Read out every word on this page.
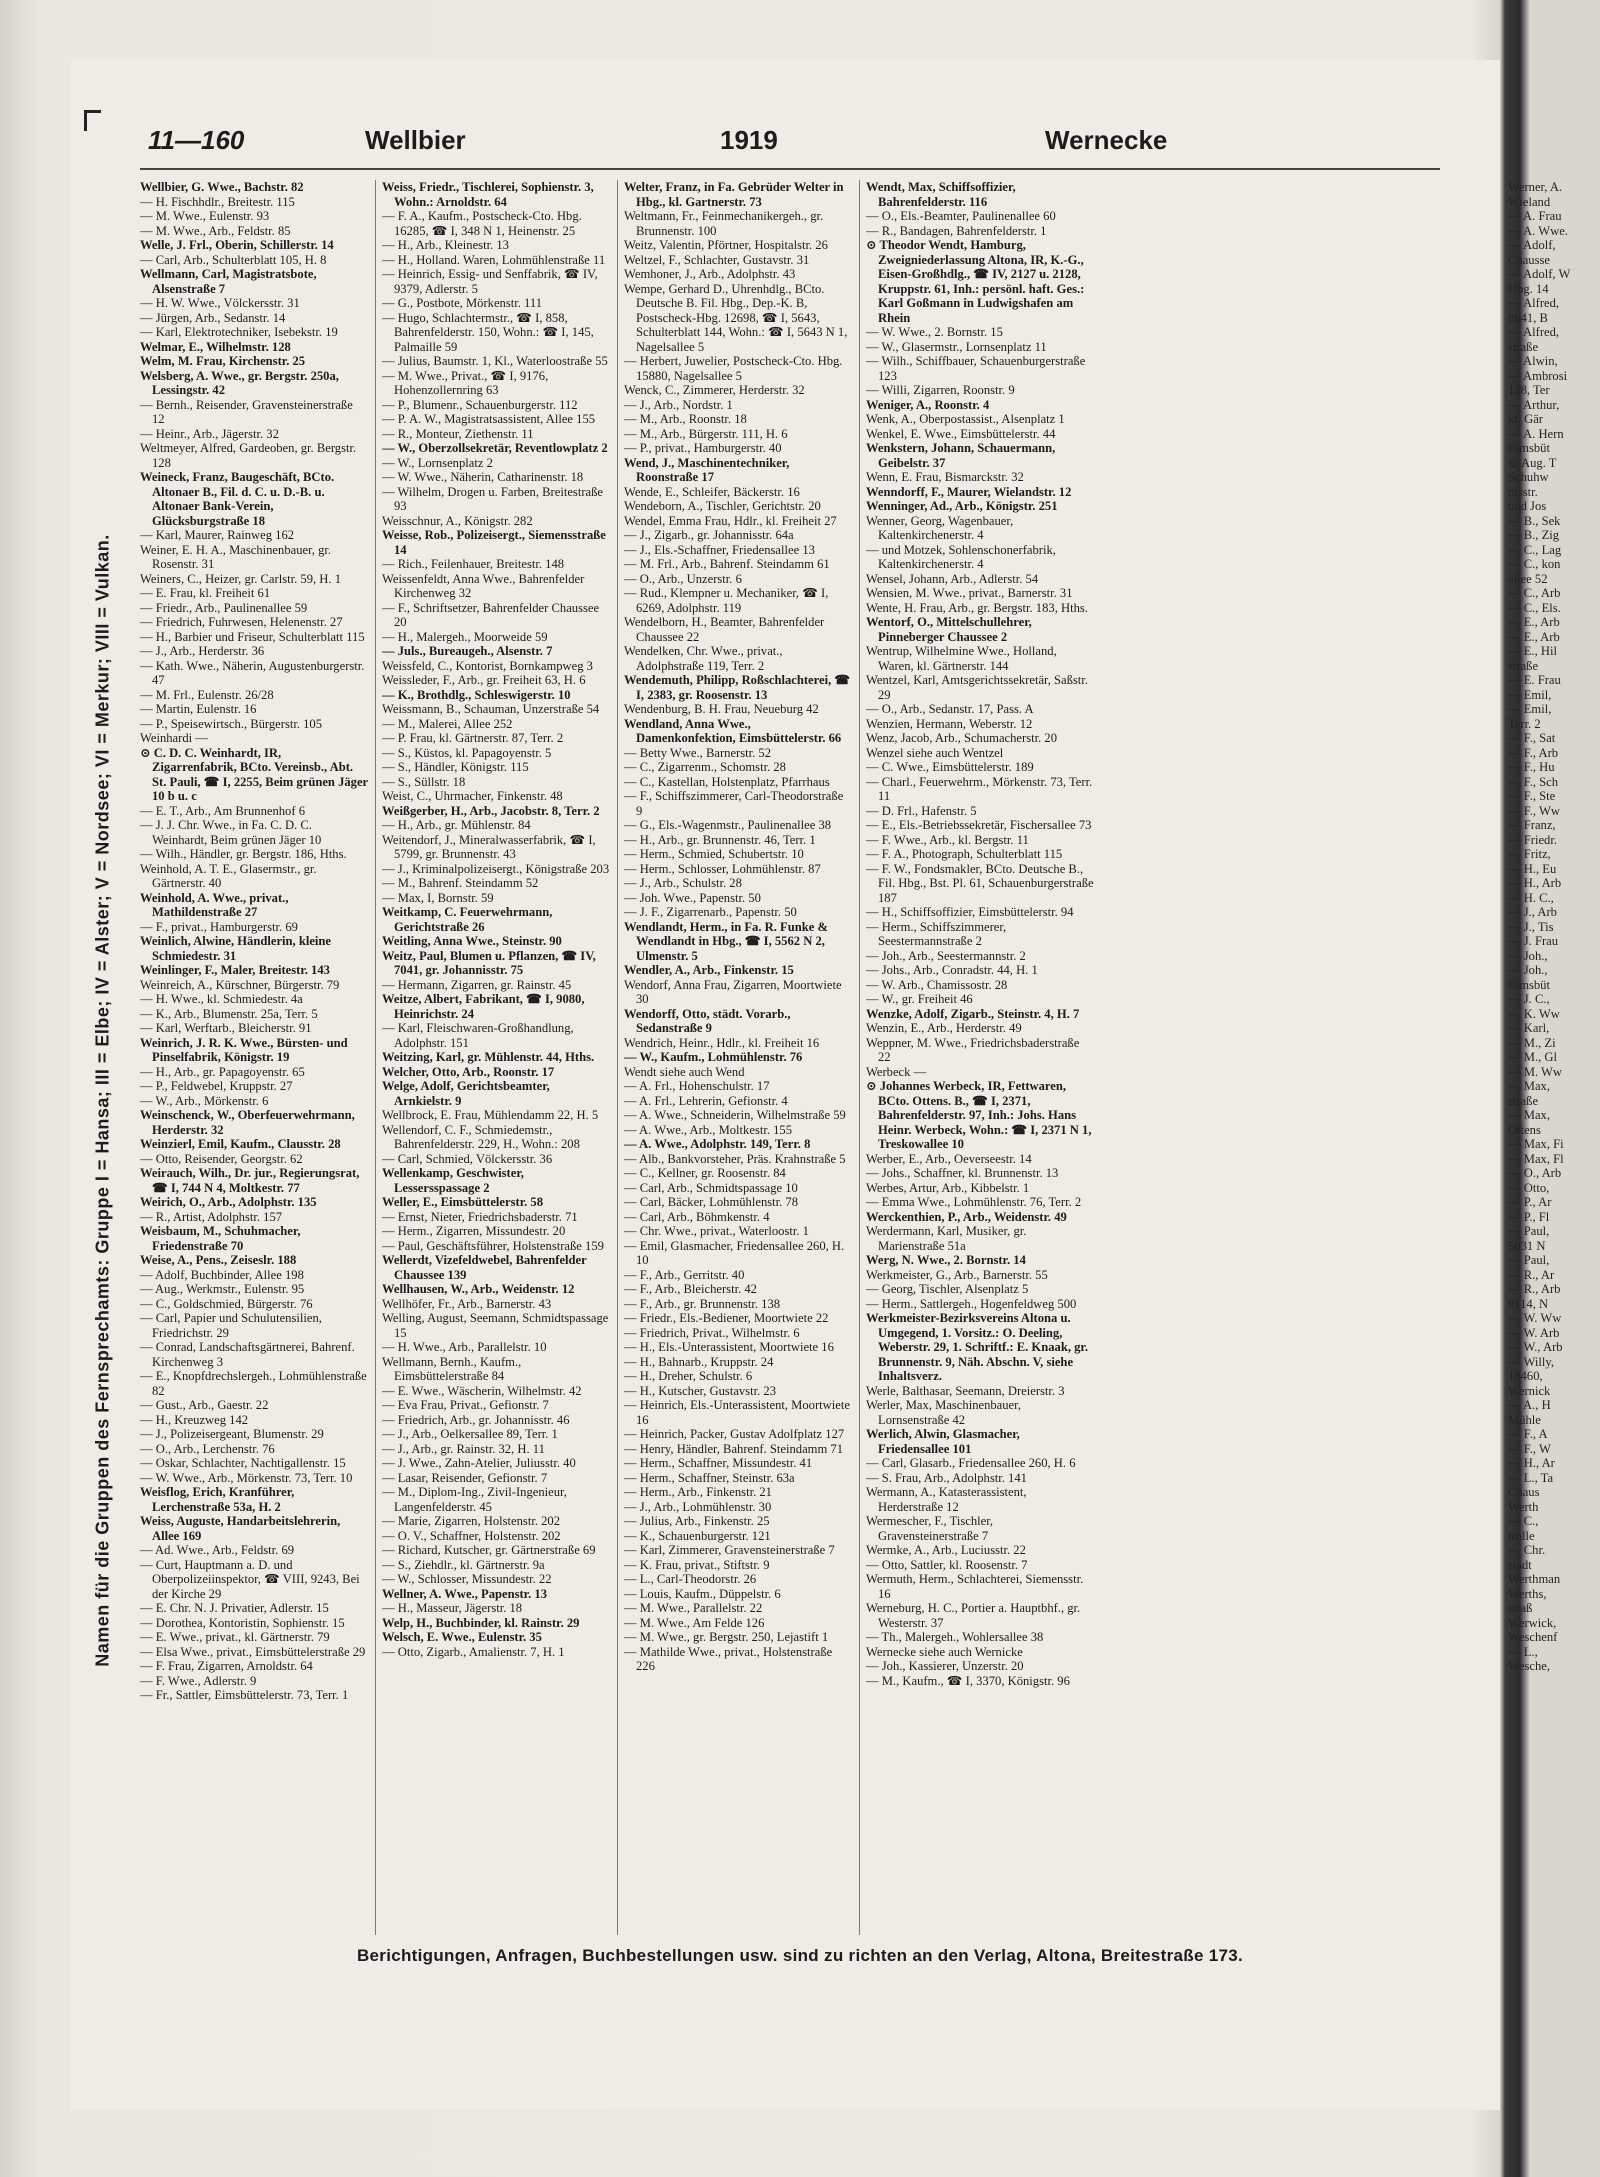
11—160	Wellbier	1919	Wernecke
Namen für die Gruppen des Fernsprechamts: Gruppe I = Hansa; III = Elbe; IV = Alster; V = Nordsee; VI = Merkur; VIII = Vulkan.

Wellbier, G. Wwe., Bachstr. 82

— H. Fischhdlr., Breitestr. 115

— M. Wwe., Eulenstr. 93

— M. Wwe., Arb., Feldstr. 85

Welle, J. Frl., Oberin, Schillerstr. 14

— Carl, Arb., Schulterblatt 105, H. 8

Wellmann, Carl, Magistratsbote, Alsenstraße 7

— H. W. Wwe., Völckersstr. 31

— Jürgen, Arb., Sedanstr. 14

— Karl, Elektrotechniker, Isebekstr. 19

Welmar, E., Wilhelmstr. 128

Welm, M. Frau, Kirchenstr. 25

Welsberg, A. Wwe., gr. Bergstr. 250a, Lessingstr. 42

— Bernh., Reisender, Gravensteinerstraße 12

— Heinr., Arb., Jägerstr. 32

Weltmeyer, Alfred, Gardeoben, gr. Bergstr. 128

Weineck, Franz, Baugeschäft, BCto. Altonaer B., Fil. d. C. u. D.-B. u. Altonaer Bank-Verein, Glücksburgstraße 18

— Karl, Maurer, Rainweg 162

Weiner, E. H. A., Maschinenbauer, gr. Rosenstr. 31

Weiners, C., Heizer, gr. Carlstr. 59, H. 1

— E. Frau, kl. Freiheit 61

— Friedr., Arb., Paulinenallee 59

— Friedrich, Fuhrwesen, Helenenstr. 27

— H., Barbier und Friseur, Schulterblatt 115

— J., Arb., Herderstr. 36

— Kath. Wwe., Näherin, Augustenburgerstr. 47

— M. Frl., Eulenstr. 26/28

— Martin, Eulenstr. 16

— P., Speisewirtsch., Bürgerstr. 105

Weinhardi —

⊙ C. D. C. Weinhardt, IR, Zigarrenfabrik, BCto. Vereinsb., Abt. St. Pauli, ☎ I, 2255, Beim grünen Jäger 10 b u. c

— E. T., Arb., Am Brunnenhof 6

— J. J. Chr. Wwe., in Fa. C. D. C. Weinhardt, Beim grünen Jäger 10

— Wilh., Händler, gr. Bergstr. 186, Hths.

Weinhold, A. T. E., Glasermstr., gr. Gärtnerstr. 40

Weinhold, A. Wwe., privat., Mathildenstraße 27

— F., privat., Hamburgerstr. 69

Weinlich, Alwine, Händlerin, kleine Schmiedestr. 31

Weinlinger, F., Maler, Breitestr. 143

Weinreich, A., Kürschner, Bürgerstr. 79

— H. Wwe., kl. Schmiedestr. 4a

— K., Arb., Blumenstr. 25a, Terr. 5

— Karl, Werftarb., Bleicherstr. 91

Weinrich, J. R. K. Wwe., Bürsten- und Pinselfabrik, Königstr. 19

— H., Arb., gr. Papagoyenstr. 65

— P., Feldwebel, Kruppstr. 27

— W., Arb., Mörkenstr. 6

Weinschenck, W., Oberfeuerwehrmann, Herderstr. 32

Weinzierl, Emil, Kaufm., Clausstr. 28

— Otto, Reisender, Georgstr. 62

Weirauch, Wilh., Dr. jur., Regierungsrat, ☎ I, 744 N 4, Moltkestr. 77

Weirich, O., Arb., Adolphstr. 135

— R., Artist, Adolphstr. 157

Weisbaum, M., Schuhmacher, Friedenstraße 70

Weise, A., Pens., Zeiseslr. 188

— Adolf, Buchbinder, Allee 198

— Aug., Werkmstr., Eulenstr. 95

— C., Goldschmied, Bürgerstr. 76

— Carl, Papier und Schulutensilien, Friedrichstr. 29

— Conrad, Landschaftsgärtnerei, Bahrenf. Kirchenweg 3

— E., Knopfdrechslergeh., Lohmühlenstraße 82

— Gust., Arb., Gaestr. 22

— H., Kreuzweg 142

— J., Polizeisergeant, Blumenstr. 29

— O., Arb., Lerchenstr. 76

— Oskar, Schlachter, Nachtigallenstr. 15

— W. Wwe., Arb., Mörkenstr. 73, Terr. 10

Weisflog, Erich, Kranführer, Lerchenstraße 53a, H. 2

Weiss, Auguste, Handarbeitslehrerin, Allee 169

— Ad. Wwe., Arb., Feldstr. 69

— Curt, Hauptmann a. D. und Oberpolizeiinspektor, ☎ VIII, 9243, Bei der Kirche 29

— E. Chr. N. J. Privatier, Adlerstr. 15

— Dorothea, Kontoristin, Sophienstr. 15

— E. Wwe., privat., kl. Gärtnerstr. 79

— Elsa Wwe., privat., Eimsbüttelerstraße 29

— F. Frau, Zigarren, Arnoldstr. 64

— F. Wwe., Adlerstr. 9

— Fr., Sattler, Eimsbüttelerstr. 73, Terr. 1

Weiss, Friedr., Tischlerei, Sophienstr. 3, Wohn.: Arnoldstr. 64

— F. A., Kaufm., Postscheck-Cto. Hbg. 16285, ☎ I, 348 N 1, Heinenstr. 25

— H., Arb., Kleinestr. 13

— H., Holland. Waren, Lohmühlenstraße 11

— Heinrich, Essig- und Senffabrik, ☎ IV, 9379, Adlerstr. 5

— G., Postbote, Mörkenstr. 111

— Hugo, Schlachtermstr., ☎ I, 858, Bahrenfelderstr. 150, Wohn.: ☎ I, 145, Palmaille 59

— Julius, Baumstr. 1, Kl., Waterloostraße 55

— M. Wwe., Privat., ☎ I, 9176, Hohenzollernring 63

— P., Blumenr., Schauenburgerstr. 112

— P. A. W., Magistratsassistent, Allee 155

— R., Monteur, Ziethenstr. 11

— W., Oberzollsekretär, Reventlowplatz 2

— W., Lornsenplatz 2

— W. Wwe., Näherin, Catharinenstr. 18

— Wilhelm, Drogen u. Farben, Breitestraße 93

Weisschnur, A., Königstr. 282

Weisse, Rob., Polizeisergt., Siemensstraße 14

— Rich., Feilenhauer, Breitestr. 148

Weissenfeldt, Anna Wwe., Bahrenfelder Kirchenweg 32

— F., Schriftsetzer, Bahrenfelder Chaussee 20

— H., Malergeh., Moorweide 59

— Juls., Bureaugeh., Alsenstr. 7

Weissfeld, C., Kontorist, Bornkampweg 3

Weissleder, F., Arb., gr. Freiheit 63, H. 6

— K., Brothdlg., Schleswigerstr. 10

Weissmann, B., Schauman, Unzerstraße 54

— M., Malerei, Allee 252

— P. Frau, kl. Gärtnerstr. 87, Terr. 2

— S., Küstos, kl. Papagoyenstr. 5

— S., Händler, Königstr. 115

— S., Süllstr. 18

Weist, C., Uhrmacher, Finkenstr. 48

Weißgerber, H., Arb., Jacobstr. 8, Terr. 2

— H., Arb., gr. Mühlenstr. 84

Weitendorf, J., Mineralwasserfabrik, ☎ I, 5799, gr. Brunnenstr. 43

— J., Kriminalpolizeisergt., Königstraße 203

— M., Bahrenf. Steindamm 52

— Max, I, Bornstr. 59

Weitkamp, C. Feuerwehrmann, Gerichtstraße 26

Weitling, Anna Wwe., Steinstr. 90

Weitz, Paul, Blumen u. Pflanzen, ☎ IV, 7041, gr. Johannisstr. 75

— Hermann, Zigarren, gr. Rainstr. 45

Weitze, Albert, Fabrikant, ☎ I, 9080, Heinrichstr. 24

— Karl, Fleischwaren-Großhandlung, Adolphstr. 151

Weitzing, Karl, gr. Mühlenstr. 44, Hths.

Welcher, Otto, Arb., Roonstr. 17

Welge, Adolf, Gerichtsbeamter, Arnkielstr. 9

Wellbrock, E. Frau, Mühlendamm 22, H. 5

Wellendorf, C. F., Schmiedemstr., Bahrenfelderstr. 229, H., Wohn.: 208

— Carl, Schmied, Völckersstr. 36

Wellenkamp, Geschwister, Lessersspassage 2

Weller, E., Eimsbüttelerstr. 58

— Ernst, Nieter, Friedrichsbaderstr. 71

— Herm., Zigarren, Missundestr. 20

— Paul, Geschäftsführer, Holstenstraße 159

Wellerdt, Vizefeldwebel, Bahrenfelder Chaussee 139

Wellhausen, W., Arb., Weidenstr. 12

Wellhöfer, Fr., Arb., Barnerstr. 43

Welling, August, Seemann, Schmidtspassage 15

— H. Wwe., Arb., Parallelstr. 10

Wellmann, Bernh., Kaufm., Eimsbüttelerstraße 84

— E. Wwe., Wäscherin, Wilhelmstr. 42

— Eva Frau, Privat., Gefionstr. 7

— Friedrich, Arb., gr. Johannisstr. 46

— J., Arb., Oelkersallee 89, Terr. 1

— J., Arb., gr. Rainstr. 32, H. 11

— J. Wwe., Zahn-Atelier, Juliusstr. 40

— Lasar, Reisender, Gefionstr. 7

— M., Diplom-Ing., Zivil-Ingenieur, Langenfelderstr. 45

— Marie, Zigarren, Holstenstr. 202

— O. V., Schaffner, Holstenstr. 202

— Richard, Kutscher, gr. Gärtnerstraße 69

— S., Ziehdlr., kl. Gärtnerstr. 9a

— W., Schlosser, Missundestr. 22

Wellner, A. Wwe., Papenstr. 13

— H., Masseur, Jägerstr. 18

Welp, H., Buchbinder, kl. Rainstr. 29

Welsch, E. Wwe., Eulenstr. 35

— Otto, Zigarb., Amalienstr. 7, H. 1

Welter, Franz, in Fa. Gebrüder Welter in Hbg., kl. Gartnerstr. 73

Weltmann, Fr., Feinmechanikergeh., gr. Brunnenstr. 100

Weitz, Valentin, Pförtner, Hospitalstr. 26

Weltzel, F., Schlachter, Gustavstr. 31

Wemhoner, J., Arb., Adolphstr. 43

Wempe, Gerhard D., Uhrenhdlg., BCto. Deutsche B. Fil. Hbg., Dep.-K. B, Postscheck-Hbg. 12698, ☎ I, 5643, Schulterblatt 144, Wohn.: ☎ I, 5643 N 1, Nagelsallee 5

— Herbert, Juwelier, Postscheck-Cto. Hbg. 15880, Nagelsallee 5

Wenck, C., Zimmerer, Herderstr. 32

— J., Arb., Nordstr. 1

— M., Arb., Roonstr. 18

— M., Arb., Bürgerstr. 111, H. 6

— P., privat., Hamburgerstr. 40

Wend, J., Maschinentechniker, Roonstraße 17

Wende, E., Schleifer, Bäckerstr. 16

Wendeborn, A., Tischler, Gerichtstr. 20

Wendel, Emma Frau, Hdlr., kl. Freiheit 27

— J., Zigarb., gr. Johannisstr. 64a

— J., Els.-Schaffner, Friedensallee 13

— M. Frl., Arb., Bahrenf. Steindamm 61

— O., Arb., Unzerstr. 6

— Rud., Klempner u. Mechaniker, ☎ I, 6269, Adolphstr. 119

Wendelborn, H., Beamter, Bahrenfelder Chaussee 22

Wendelken, Chr. Wwe., privat., Adolphstraße 119, Terr. 2

Wendemuth, Philipp, Roßschlachterei, ☎ I, 2383, gr. Roosenstr. 13

Wendenburg, B. H. Frau, Neueburg 42

Wendland, Anna Wwe., Damenkonfektion, Eimsbüttelerstr. 66

— Betty Wwe., Barnerstr. 52

— C., Zigarrenm., Schomstr. 28

— C., Kastellan, Holstenplatz, Pfarrhaus

— F., Schiffszimmerer, Carl-Theodorstraße 9

— G., Els.-Wagenmstr., Paulinenallee 38

— H., Arb., gr. Brunnenstr. 46, Terr. 1

— Herm., Schmied, Schubertstr. 10

— Herm., Schlosser, Lohmühlenstr. 87

— J., Arb., Schulstr. 28

— Joh. Wwe., Papenstr. 50

— J. F., Zigarrenarb., Papenstr. 50

Wendlandt, Herm., in Fa. R. Funke & Wendlandt in Hbg., ☎ I, 5562 N 2, Ulmenstr. 5

Wendler, A., Arb., Finkenstr. 15

Wendorf, Anna Frau, Zigarren, Moortwiete 30

Wendorff, Otto, städt. Vorarb., Sedanstraße 9

Wendrich, Heinr., Hdlr., kl. Freiheit 16

— W., Kaufm., Lohmühlenstr. 76

Wendt siehe auch Wend

— A. Frl., Hohenschulstr. 17

— A. Frl., Lehrerin, Gefionstr. 4

— A. Wwe., Schneiderin, Wilhelmstraße 59

— A. Wwe., Arb., Moltkestr. 155

— A. Wwe., Adolphstr. 149, Terr. 8

— Alb., Bankvorsteher, Präs. Krahnstraße 5

— C., Kellner, gr. Roosenstr. 84

— Carl, Arb., Schmidtspassage 10

— Carl, Bäcker, Lohmühlenstr. 78

— Carl, Arb., Böhmkenstr. 4

— Chr. Wwe., privat., Waterloostr. 1

— Emil, Glasmacher, Friedensallee 260, H. 10

— F., Arb., Gerritstr. 40

— F., Arb., Bleicherstr. 42

— F., Arb., gr. Brunnenstr. 138

— Friedr., Els.-Bediener, Moortwiete 22

— Friedrich, Privat., Wilhelmstr. 6

— H., Els.-Unterassistent, Moortwiete 16

— H., Bahnarb., Kruppstr. 24

— H., Dreher, Schulstr. 6

— H., Kutscher, Gustavstr. 23

— Heinrich, Els.-Unterassistent, Moortwiete 16

— Heinrich, Packer, Gustav Adolfplatz 127

— Henry, Händler, Bahrenf. Steindamm 71

— Herm., Schaffner, Missundestr. 41

— Herm., Schaffner, Steinstr. 63a

— Herm., Arb., Finkenstr. 21

— J., Arb., Lohmühlenstr. 30

— Julius, Arb., Finkenstr. 25

— K., Schauenburgerstr. 121

— Karl, Zimmerer, Gravensteinerstraße 7

— K. Frau, privat., Stiftstr. 9

— L., Carl-Theodorstr. 26

— Louis, Kaufm., Düppelstr. 6

— M. Wwe., Parallelstr. 22

— M. Wwe., Am Felde 126

— M. Wwe., gr. Bergstr. 250, Lejastift 1

— Mathilde Wwe., privat., Holstenstraße 226

Wendt, Max, Schiffsoffizier, Bahrenfelderstr. 116

— O., Els.-Beamter, Paulinenallee 60

— R., Bandagen, Bahrenfelderstr. 1

⊙ Theodor Wendt, Hamburg, Zweigniederlassung Altona, IR, K.-G., Eisen-Großhdlg., ☎ IV, 2127 u. 2128, Kruppstr. 61, Inh.: persönl. haft. Ges.: Karl Goßmann in Ludwigshafen am Rhein

— W. Wwe., 2. Bornstr. 15

— W., Glasermstr., Lornsenplatz 11

— Wilh., Schiffbauer, Schauenburgerstraße 123

— Willi, Zigarren, Roonstr. 9

Weniger, A., Roonstr. 4

Wenk, A., Oberpostassist., Alsenplatz 1

Wenkel, E. Wwe., Eimsbüttelerstr. 44

Wenkstern, Johann, Schauermann, Geibelstr. 37

Wenn, E. Frau, Bismarckstr. 32

Wenndorff, F., Maurer, Wielandstr. 12

Wenninger, Ad., Arb., Königstr. 251

Wenner, Georg, Wagenbauer, Kaltenkirchenerstr. 4

— und Motzek, Sohlenschonerfabrik, Kaltenkirchenerstr. 4

Wensel, Johann, Arb., Adlerstr. 54

Wensien, M. Wwe., privat., Barnerstr. 31

Wente, H. Frau, Arb., gr. Bergstr. 183, Hths.

Wentorf, O., Mittelschullehrer, Pinneberger Chaussee 2

Wentrup, Wilhelmine Wwe., Holland, Waren, kl. Gärtnerstr. 144

Wentzel, Karl, Amtsgerichtssekretär, Saßstr. 29

— O., Arb., Sedanstr. 17, Pass. A

Wenzien, Hermann, Weberstr. 12

Wenz, Jacob, Arb., Schumacherstr. 20

Wenzel siehe auch Wentzel

— C. Wwe., Eimsbüttelerstr. 189

— Charl., Feuerwehrm., Mörkenstr. 73, Terr. 11

— D. Frl., Hafenstr. 5

— E., Els.-Betriebssekretär, Fischersallee 73

— F. Wwe., Arb., kl. Bergstr. 11

— F. A., Photograph, Schulterblatt 115

— F. W., Fondsmakler, BCto. Deutsche B., Fil. Hbg., Bst. Pl. 61, Schauenburgerstraße 187

— H., Schiffsoffizier, Eimsbüttelerstr. 94

— Herm., Schiffszimmerer, Seestermannstraße 2

— Joh., Arb., Seestermannstr. 2

— Johs., Arb., Conradstr. 44, H. 1

— W. Arb., Chamissostr. 28

— W., gr. Freiheit 46

Wenzke, Adolf, Zigarb., Steinstr. 4, H. 7

Wenzin, E., Arb., Herderstr. 49

Weppner, M. Wwe., Friedrichsbaderstraße 22

Werbeck —

⊙ Johannes Werbeck, IR, Fettwaren, BCto. Ottens. B., ☎ I, 2371, Bahrenfelderstr. 97, Inh.: Johs. Hans Heinr. Werbeck, Wohn.: ☎ I, 2371 N 1, Treskowallee 10

Werber, E., Arb., Oeverseestr. 14

— Johs., Schaffner, kl. Brunnenstr. 13

Werbes, Artur, Arb., Kibbelstr. 1

— Emma Wwe., Lohmühlenstr. 76, Terr. 2

Werckenthien, P., Arb., Weidenstr. 49

Werdermann, Karl, Musiker, gr. Marienstraße 51a

Werg, N. Wwe., 2. Bornstr. 14

Werkmeister, G., Arb., Barnerstr. 55

— Georg, Tischler, Alsenplatz 5

— Herm., Sattlergeh., Hogenfeldweg 500

Werkmeister-Bezirksvereins Altona u. Umgegend, 1. Vorsitz.: O. Deeling, Weberstr. 29, 1. Schriftf.: E. Knaak, gr. Brunnenstr. 9, Näh. Abschn. V, siehe Inhaltsverz.

Werle, Balthasar, Seemann, Dreierstr. 3

Werler, Max, Maschinenbauer, Lornsenstraße 42

Werlich, Alwin, Glasmacher, Friedensallee 101

— Carl, Glasarb., Friedensallee 260, H. 6

— S. Frau, Arb., Adolphstr. 141

Wermann, A., Katasterassistent, Herderstraße 12

Wermescher, F., Tischler, Gravensteinerstraße 7

Wermke, A., Arb., Luciusstr. 22

— Otto, Sattler, kl. Roosenstr. 7

Wermuth, Herm., Schlachterei, Siemensstr. 16

Werneburg, H. C., Portier a. Hauptbhf., gr. Westerstr. 37

— Th., Malergeh., Wohlersallee 38

Wernecke siehe auch Wernicke

— Joh., Kassierer, Unzerstr. 20

— M., Kaufm., ☎ I, 3370, Königstr. 96

Werner, A.

Wieland

— A. Frau

— A. Wwe.

— Adolf,

Chausse

— Adolf, W

Hbg. 14

— Alfred,

8641, B

— Alfred,

straße

— Alwin,

— Ambrosi

128, Ter

— Arthur,

kl. Gär

— A. Hern

Eimsbüt

⊙ Aug. T

Schuhw

nisstr.

und Jos

— B., Sek

— B., Zig

— C., Lag

— C., kon

allee 52

— C., Arb

— C., Els.

— E., Arb

— E., Arb

— E., Hil

straße

— E. Frau

— Emil,

— Emil,

Terr. 2

— F., Sat

— F., Arb

— F., Hu

— F., Sch

— F., Ste

— F., Ww

— Franz,

— Friedr.

— Fritz,

— H., Eu

— H., Arb

— H. C.,

— J., Arb

— J., Tis

— J. Frau

— Joh.,

— Joh.,

Eimsbüt

— J. C.,

— K. Ww

— Karl,

— M., Zi

— M., Gl

— M. Ww

— Max,

straße

— Max,

Ottens

— Max, Fi

— Max, Fl

— O., Arb

— Otto,

— P., Ar

— P., Fl

— Paul,

5031 N

— Paul,

— R., Ar

— R., Arb

9114, N

— W. Ww

— W. Arb

— W., Arb

— Willy,

18460,

Wernick

— A., H

Mühle

— F., A

— F., W

— H., Ar

— L., Ta

Chaus

Werth

— C.,

trolle

— Chr.

stadt

Werthman

Werths,

straß

Werwick,

Weschenf

— L.,

Wesche,

Berichtigungen, Anfragen, Buchbestellungen usw. sind zu richten an den Verlag, Altona, Breitestraße 173.
